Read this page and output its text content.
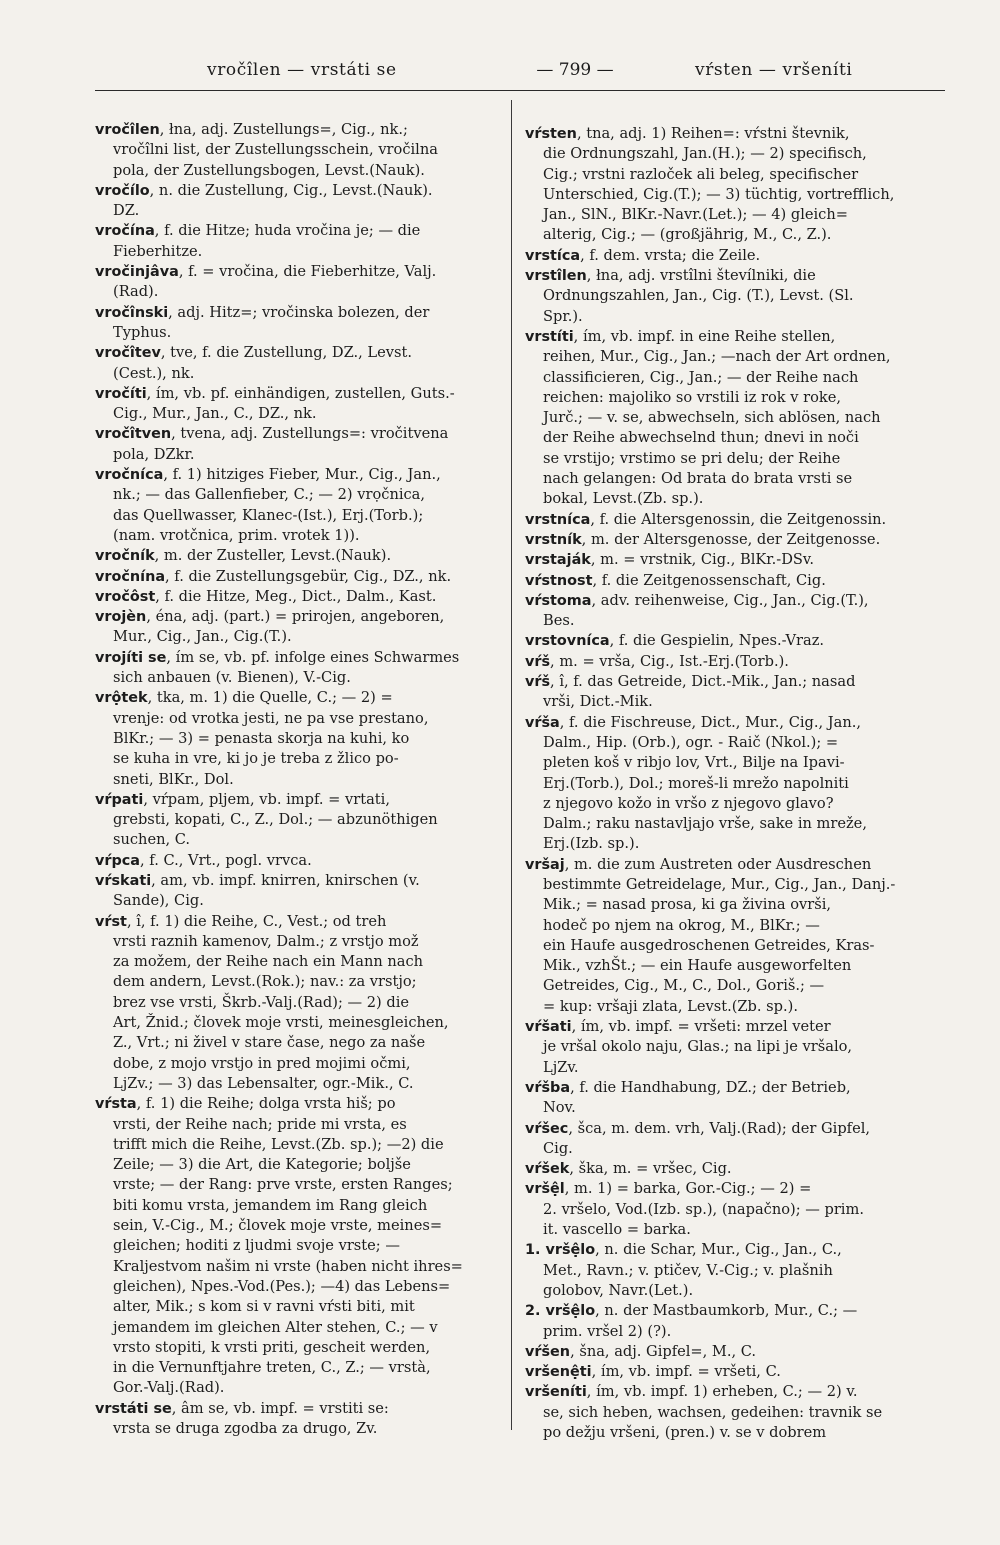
vročîlen — vrstáti se	— 799 —	vŕsten — vršeníti
vročîlen, łna, adj. Zustellungs=, Cig., nk.;
vročîlni list, der Zustellungsschein, vročilna
pola, der Zustellungsbogen, Levst.(Nauk).
vročílo, n. die Zustellung, Cig., Levst.(Nauk).
DZ.
vročína, f. die Hitze; huda vročina je; — die
Fieberhitze.
vročinjâva, f. = vročina, die Fieberhitze, Valj.
(Rad).
vročînski, adj. Hitz=; vročinska bolezen, der
Typhus.
vročîtev, tve, f. die Zustellung, DZ., Levst.
(Cest.), nk.
vročíti, ím, vb. pf. einhändigen, zustellen, Guts.-
Cig., Mur., Jan., C., DZ., nk.
vročîtven, tvena, adj. Zustellungs=: vročitvena
pola, DZkr.
vročníca, f. 1) hitziges Fieber, Mur., Cig., Jan.,
nk.; — das Gallenfieber, C.; — 2) vrọčnica,
das Quellwasser, Klanec-(Ist.), Erj.(Torb.);
(nam. vrotčnica, prim. vrotek 1)).
vročník, m. der Zusteller, Levst.(Nauk).
vročnína, f. die Zustellungsgebür, Cig., DZ., nk.
vročôst, f. die Hitze, Meg., Dict., Dalm., Kast.
vrojèn, éna, adj. (part.) = prirojen, angeboren,
Mur., Cig., Jan., Cig.(T.).
vrojíti se, ím se, vb. pf. infolge eines Schwarmes
sich anbauen (v. Bienen), V.-Cig.
vrộtek, tka, m. 1) die Quelle, C.; — 2) =
vrenje: od vrotka jesti, ne pa vse prestano,
BlKr.; — 3) = penasta skorja na kuhi, ko
se kuha in vre, ki jo je treba z žlico po-
sneti, BlKr., Dol.
vŕpati, vŕpam, pljem, vb. impf. = vrtati,
grebsti, kopati, C., Z., Dol.; — abzunöthigen
suchen, C.
vŕpca, f. C., Vrt., pogl. vrvca.
vŕskati, am, vb. impf. knirren, knirschen (v.
Sande), Cig.
vŕst, î, f. 1) die Reihe, C., Vest.; od treh
vrsti raznih kamenov, Dalm.; z vrstjo mož
za možem, der Reihe nach ein Mann nach
dem andern, Levst.(Rok.); nav.: za vrstjo;
brez vse vrsti, Škrb.-Valj.(Rad); — 2) die
Art, Žnid.; človek moje vrsti, meinesgleichen,
Z., Vrt.; ni živel v stare čase, nego za naše
dobe, z mojo vrstjo in pred mojimi očmi,
LjZv.; — 3) das Lebensalter, ogr.-Mik., C.
vŕsta, f. 1) die Reihe; dolga vrsta hiš; po
vrsti, der Reihe nach; pride mi vrsta, es
trifft mich die Reihe, Levst.(Zb. sp.); —2) die
Zeile; — 3) die Art, die Kategorie; boljše
vrste; — der Rang: prve vrste, ersten Ranges;
biti komu vrsta, jemandem im Rang gleich
sein, V.-Cig., M.; človek moje vrste, meines=
gleichen; hoditi z ljudmi svoje vrste; —
Kraljestvom našim ni vrste (haben nicht ihres=
gleichen), Npes.-Vod.(Pes.); —4) das Lebens=
alter, Mik.; s kom si v ravni vŕsti biti, mit
jemandem im gleichen Alter stehen, C.; — v
vrsto stopiti, k vrsti priti, gescheit werden,
in die Vernunftjahre treten, C., Z.; — vrstà,
Gor.-Valj.(Rad).
vrstáti se, âm se, vb. impf. = vrstiti se:
vrsta se druga zgodba za drugo, Zv.
vŕsten, tna, adj. 1) Reihen=: vŕstni števnik,
die Ordnungszahl, Jan.(H.); — 2) specifisch,
Cig.; vrstni razloček ali beleg, specifischer
Unterschied, Cig.(T.); — 3) tüchtig, vortrefflich,
Jan., SlN., BlKr.-Navr.(Let.); — 4) gleich=
alterig, Cig.; — (großjährig, M., C., Z.).
vrstíca, f. dem. vrsta; die Zeile.
vrstîlen, łna, adj. vrstîlni števílniki, die
Ordnungszahlen, Jan., Cig. (T.), Levst. (Sl.
Spr.).
vrstíti, ím, vb. impf. in eine Reihe stellen,
reihen, Mur., Cig., Jan.; —nach der Art ordnen,
classificieren, Cig., Jan.; — der Reihe nach
reichen: majoliko so vrstili iz rok v roke,
Jurč.; — v. se, abwechseln, sich ablösen, nach
der Reihe abwechselnd thun; dnevi in noči
se vrstijo; vrstimo se pri delu; der Reihe
nach gelangen: Od brata do brata vrsti se
bokal, Levst.(Zb. sp.).
vrstníca, f. die Altersgenossin, die Zeitgenossin.
vrstník, m. der Altersgenosse, der Zeitgenosse.
vrstaják, m. = vrstnik, Cig., BlKr.-DSv.
vŕstnost, f. die Zeitgenossenschaft, Cig.
vŕstoma, adv. reihenweise, Cig., Jan., Cig.(T.),
Bes.
vrstovníca, f. die Gespielin, Npes.-Vraz.
vŕš, m. = vrša, Cig., Ist.-Erj.(Torb.).
vŕš, î, f. das Getreide, Dict.-Mik., Jan.; nasad
vrši, Dict.-Mik.
vŕša, f. die Fischreuse, Dict., Mur., Cig., Jan.,
Dalm., Hip. (Orb.), ogr. - Raič (Nkol.); =
pleten koš v ribjo lov, Vrt., Bilje na Ipavi-
Erj.(Torb.), Dol.; moreš-li mrežo napolniti
z njegovo kožo in vršo z njegovo glavo?
Dalm.; raku nastavljajo vrše, sake in mreže,
Erj.(Izb. sp.).
vršaj, m. die zum Austreten oder Ausdreschen
bestimmte Getreidelage, Mur., Cig., Jan., Danj.-
Mik.; = nasad prosa, ki ga živina ovrši,
hodeč po njem na okrog, M., BlKr.; —
ein Haufe ausgedroschenen Getreides, Kras-
Mik., vzhŠt.; — ein Haufe ausgeworfelten
Getreides, Cig., M., C., Dol., Goriš.; —
= kup: vršaji zlata, Levst.(Zb. sp.).
vŕšati, ím, vb. impf. = vršeti: mrzel veter
je vršal okolo naju, Glas.; na lipi je vršalo,
LjZv.
vŕšba, f. die Handhabung, DZ.; der Betrieb,
Nov.
vŕšec, šca, m. dem. vrh, Valj.(Rad); der Gipfel,
Cig.
vŕšek, ška, m. = vršec, Cig.
vršệl, m. 1) = barka, Gor.-Cig.; — 2) =
2. vršelo, Vod.(Izb. sp.), (napačno); — prim.
it. vascello = barka.
1. vršệlo, n. die Schar, Mur., Cig., Jan., C.,
Met., Ravn.; v. ptičev, V.-Cig.; v. plašnih
golobov, Navr.(Let.).
2. vršệlo, n. der Mastbaumkorb, Mur., C.; —
prim. vršel 2) (?).
vŕšen, šna, adj. Gipfel=, M., C.
vršenệti, ím, vb. impf. = vršeti, C.
vršeníti, ím, vb. impf. 1) erheben, C.; — 2) v.
se, sich heben, wachsen, gedeihen: travnik se
po dežju vršeni, (pren.) v. se v dobrem
